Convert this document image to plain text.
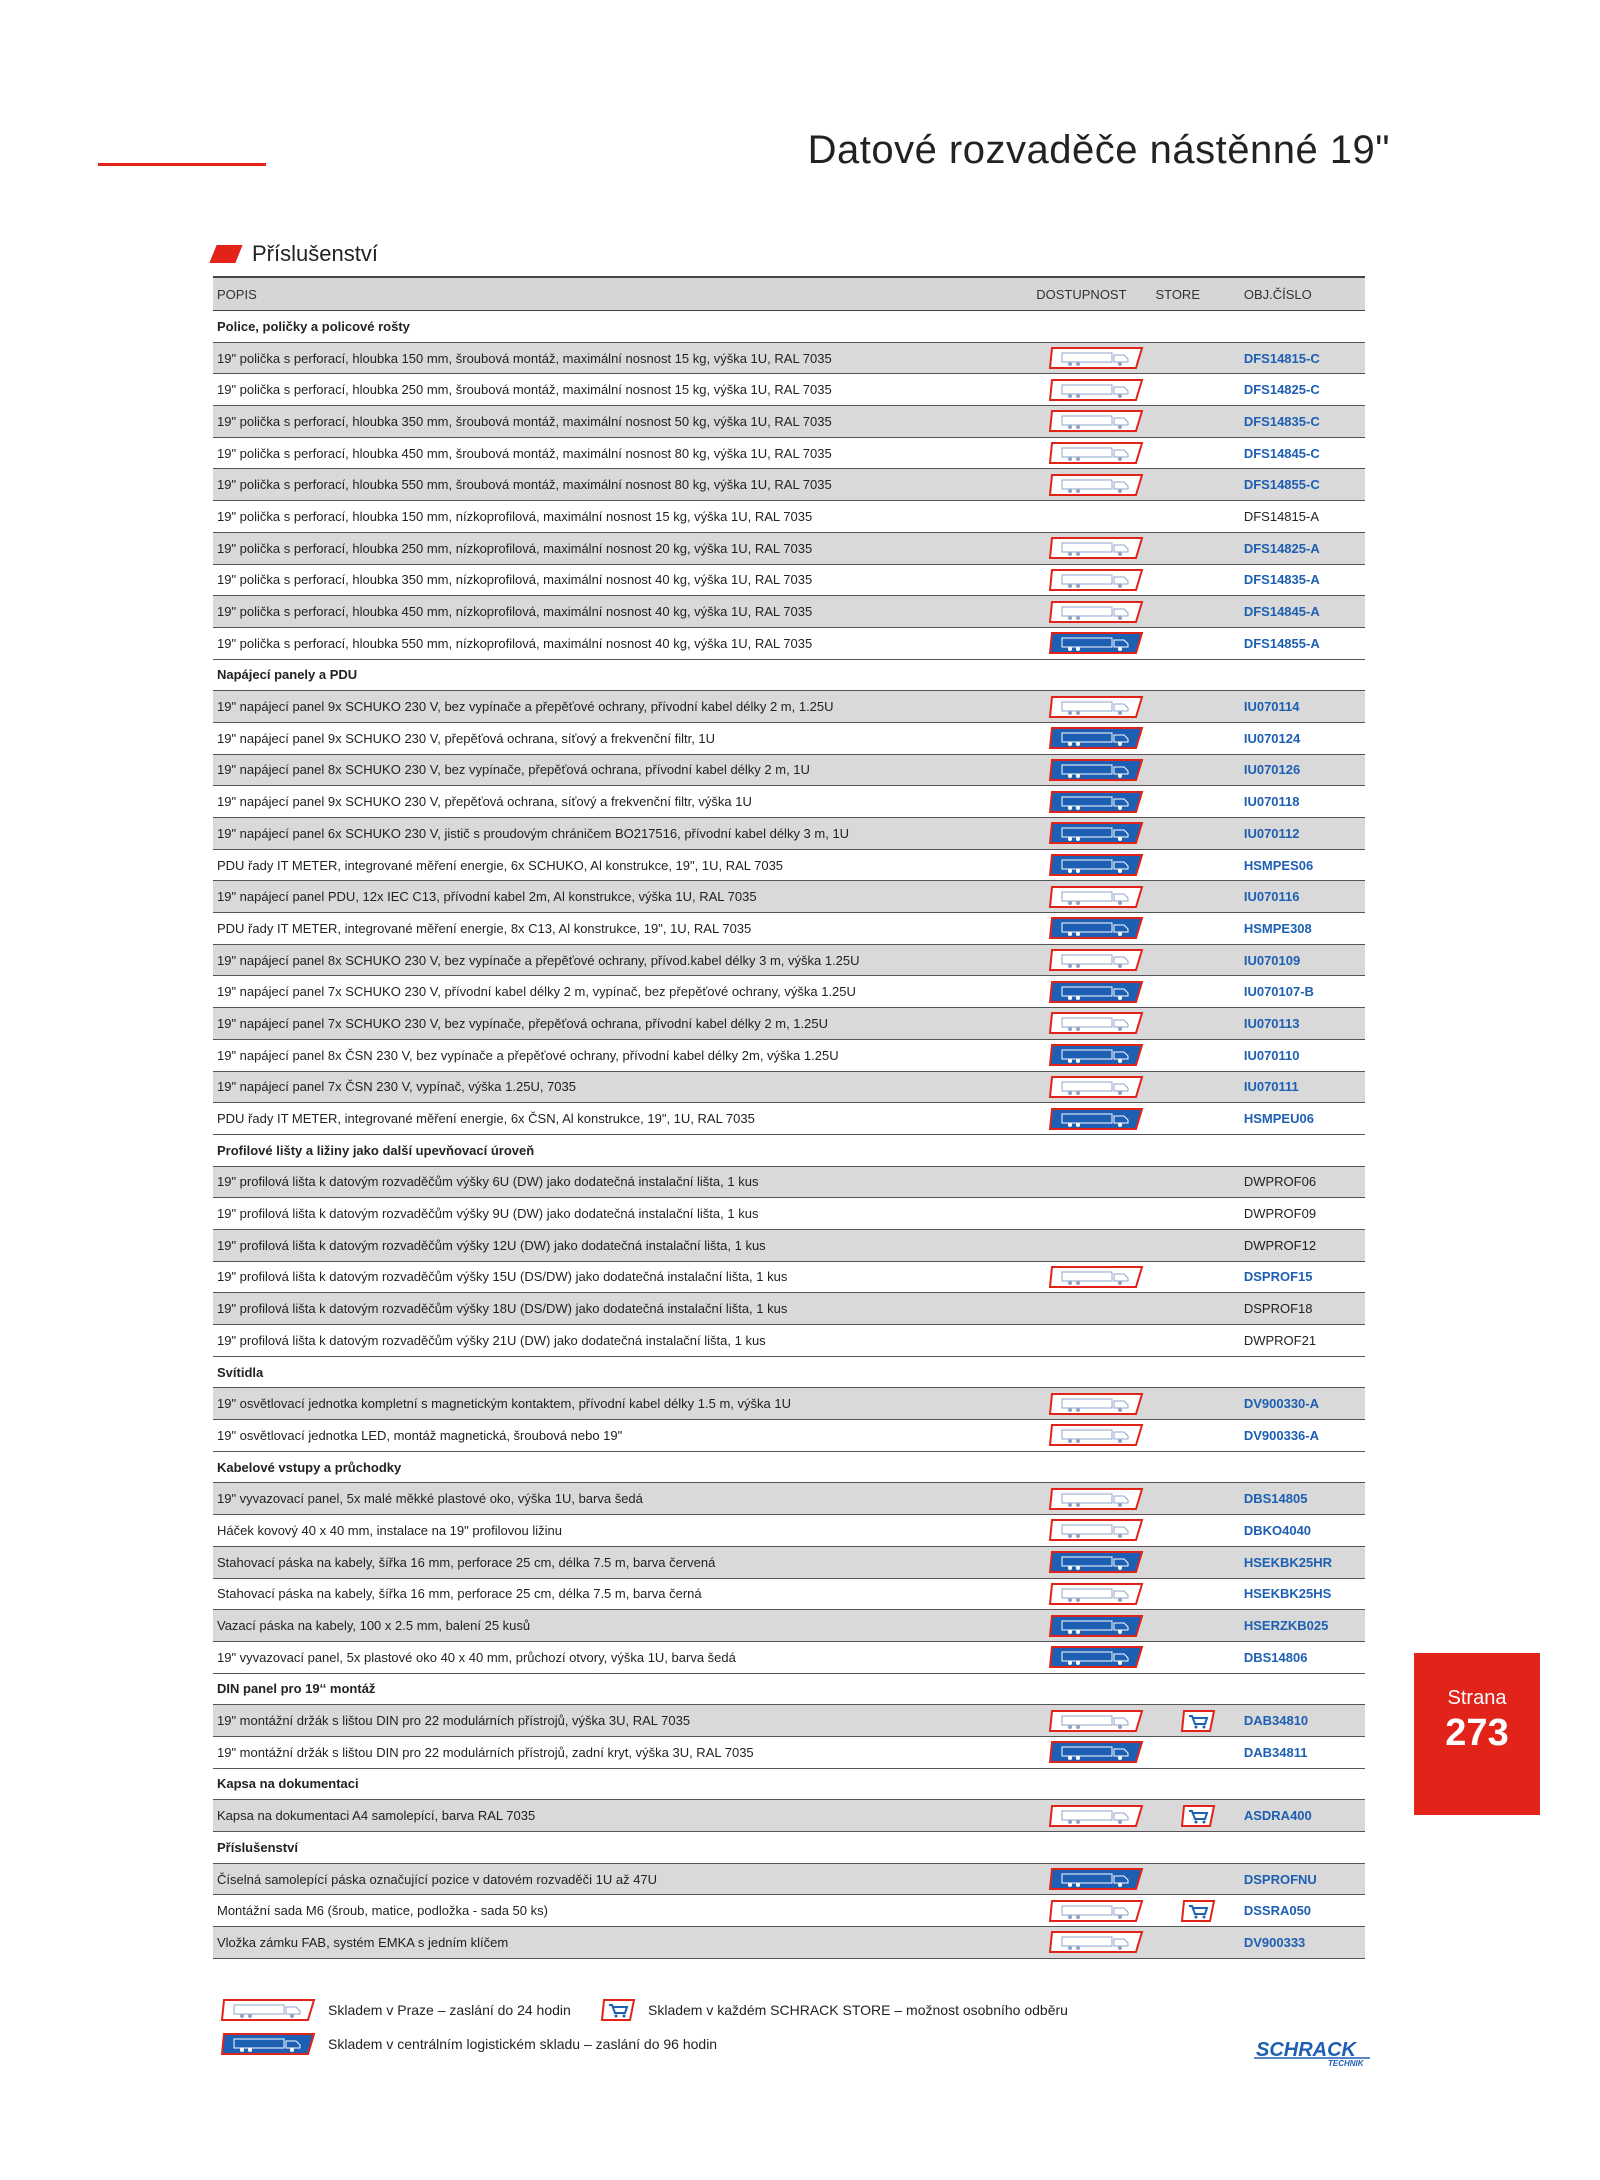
Datové rozvaděče nástěnné 19"
Příslušenství
POPIS	DOSTUPNOST	STORE	OBJ.ČÍSLO
Police, poličky a policové rošty
19" polička s perforací, hloubka 150 mm, šroubová montáž, maximální nosnost 15 kg, výška 1U, RAL 7035	DFS14815-C
19" polička s perforací, hloubka 250 mm, šroubová montáž, maximální nosnost 15 kg, výška 1U, RAL 7035	DFS14825-C
19" polička s perforací, hloubka 350 mm, šroubová montáž, maximální nosnost 50 kg, výška 1U, RAL 7035	DFS14835-C
19" polička s perforací, hloubka 450 mm, šroubová montáž, maximální nosnost 80 kg, výška 1U, RAL 7035	DFS14845-C
19" polička s perforací, hloubka 550 mm, šroubová montáž, maximální nosnost 80 kg, výška 1U, RAL 7035	DFS14855-C
19" polička s perforací, hloubka 150 mm, nízkoprofilová, maximální nosnost 15 kg, výška 1U, RAL 7035	DFS14815-A
19" polička s perforací, hloubka 250 mm, nízkoprofilová, maximální nosnost 20 kg, výška 1U, RAL 7035	DFS14825-A
19" polička s perforací, hloubka 350 mm, nízkoprofilová, maximální nosnost 40 kg, výška 1U, RAL 7035	DFS14835-A
19" polička s perforací, hloubka 450 mm, nízkoprofilová, maximální nosnost 40 kg, výška 1U, RAL 7035	DFS14845-A
19" polička s perforací, hloubka 550 mm, nízkoprofilová, maximální nosnost 40 kg, výška 1U, RAL 7035	DFS14855-A
Napájecí panely a PDU
19" napájecí panel 9x SCHUKO 230 V, bez vypínače a přepěťové ochrany, přívodní kabel délky 2 m, 1.25U	IU070114
19" napájecí panel 9x SCHUKO 230 V, přepěťová ochrana, síťový a frekvenční filtr, 1U	IU070124
19" napájecí panel 8x SCHUKO 230 V, bez vypínače, přepěťová ochrana, přívodní kabel délky 2 m, 1U	IU070126
19" napájecí panel 9x SCHUKO 230 V, přepěťová ochrana, síťový a frekvenční filtr, výška 1U	IU070118
19" napájecí panel 6x SCHUKO 230 V, jistič s proudovým chráničem BO217516, přívodní kabel délky 3 m, 1U	IU070112
PDU řady IT METER, integrované měření energie, 6x SCHUKO, Al konstrukce, 19", 1U, RAL 7035	HSMPES06
19" napájecí panel PDU, 12x IEC C13, přívodní kabel 2m, Al konstrukce, výška 1U, RAL 7035	IU070116
PDU řady IT METER, integrované měření energie, 8x C13, Al konstrukce, 19", 1U, RAL 7035	HSMPE308
19" napájecí panel 8x SCHUKO 230 V, bez vypínače a přepěťové ochrany, přívod.kabel délky 3 m, výška 1.25U	IU070109
19" napájecí panel 7x SCHUKO 230 V, přívodní kabel délky 2 m, vypínač, bez přepěťové ochrany, výška 1.25U	IU070107-B
19" napájecí panel 7x SCHUKO 230 V, bez vypínače, přepěťová ochrana, přívodní kabel délky 2 m, 1.25U	IU070113
19" napájecí panel 8x ČSN 230 V, bez vypínače a přepěťové ochrany, přívodní kabel délky 2m, výška 1.25U	IU070110
19" napájecí panel 7x ČSN 230 V, vypínač, výška 1.25U, 7035	IU070111
PDU řady IT METER, integrované měření energie, 6x ČSN, Al konstrukce, 19", 1U, RAL 7035	HSMPEU06
Profilové lišty a ližiny jako další upevňovací úroveň
19" profilová lišta k datovým rozvaděčům výšky 6U (DW) jako dodatečná instalační lišta, 1 kus	DWPROF06
19" profilová lišta k datovým rozvaděčům výšky 9U (DW) jako dodatečná instalační lišta, 1 kus	DWPROF09
19" profilová lišta k datovým rozvaděčům výšky 12U (DW) jako dodatečná instalační lišta, 1 kus	DWPROF12
19" profilová lišta k datovým rozvaděčům výšky 15U (DS/DW) jako dodatečná instalační lišta, 1 kus	DSPROF15
19" profilová lišta k datovým rozvaděčům výšky 18U (DS/DW) jako dodatečná instalační lišta, 1 kus	DSPROF18
19" profilová lišta k datovým rozvaděčům výšky 21U (DW) jako dodatečná instalační lišta, 1 kus	DWPROF21
Svítidla
19" osvětlovací jednotka kompletní s magnetickým kontaktem, přívodní kabel délky 1.5 m, výška 1U	DV900330-A
19" osvětlovací jednotka LED, montáž magnetická, šroubová nebo 19"	DV900336-A
Kabelové vstupy a průchodky
19" vyvazovací panel, 5x malé měkké plastové oko, výška 1U, barva šedá	DBS14805
Háček kovový 40 x 40 mm, instalace na 19" profilovou ližinu	DBKO4040
Stahovací páska na kabely, šířka 16 mm, perforace 25 cm, délka 7.5 m, barva červená	HSEKBK25HR
Stahovací páska na kabely, šířka 16 mm, perforace 25 cm, délka 7.5 m, barva černá	HSEKBK25HS
Vazací páska na kabely, 100 x 2.5 mm, balení 25 kusů	HSERZKB025
19" vyvazovací panel, 5x plastové oko 40 x 40 mm, průchozí otvory, výška 1U, barva šedá	DBS14806
DIN panel pro 19‘‘ montáž
19" montážní držák s lištou DIN pro 22 modulárních přístrojů, výška 3U, RAL 7035	DAB34810
19" montážní držák s lištou DIN pro 22 modulárních přístrojů, zadní kryt, výška 3U, RAL 7035	DAB34811
Kapsa na dokumentaci
Kapsa na dokumentaci A4 samolepící, barva RAL 7035	ASDRA400
Příslušenství
Číselná samolepící páska označující pozice v datovém rozvaděči 1U až 47U	DSPROFNU
Montážní sada M6 (šroub, matice, podložka - sada 50 ks)	DSSRA050
Vložka zámku FAB, systém EMKA s jedním klíčem	DV900333
Strana
273
Skladem v Praze – zaslání do 24 hodin	Skladem v každém SCHRACK STORE – možnost osobního odběru
Skladem v centrálním logistickém skladu – zaslání do 96 hodin	SCHRACK
TECHNIK
